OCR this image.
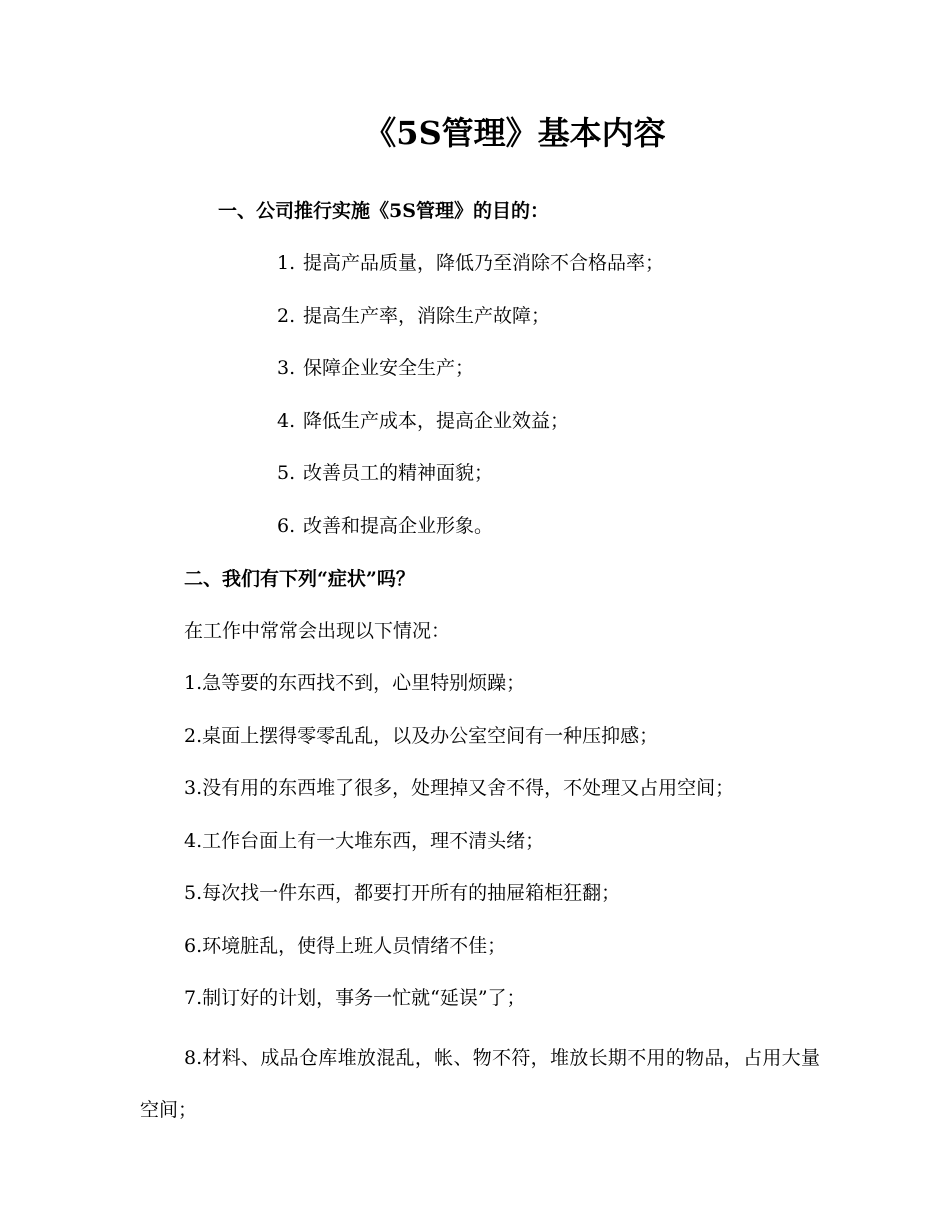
《5S管理》基本内容
一、公司推行实施《5S管理》的目的：
1. 提高产品质量，降低乃至消除不合格品率；
2. 提高生产率，消除生产故障；
3. 保障企业安全生产；
4. 降低生产成本，提高企业效益；
5. 改善员工的精神面貌；
6. 改善和提高企业形象。
二、我们有下列“症状”吗？
在工作中常常会出现以下情况：
1.急等要的东西找不到，心里特别烦躁；
2.桌面上摆得零零乱乱，以及办公室空间有一种压抑感；
3.没有用的东西堆了很多，处理掉又舍不得，不处理又占用空间；
4.工作台面上有一大堆东西，理不清头绪；
5.每次找一件东西，都要打开所有的抽屉箱柜狂翻；
6.环境脏乱，使得上班人员情绪不佳；
7.制订好的计划，事务一忙就“延误”了；
8.材料、成品仓库堆放混乱，帐、物不符，堆放长期不用的物品，占用大量空间；
